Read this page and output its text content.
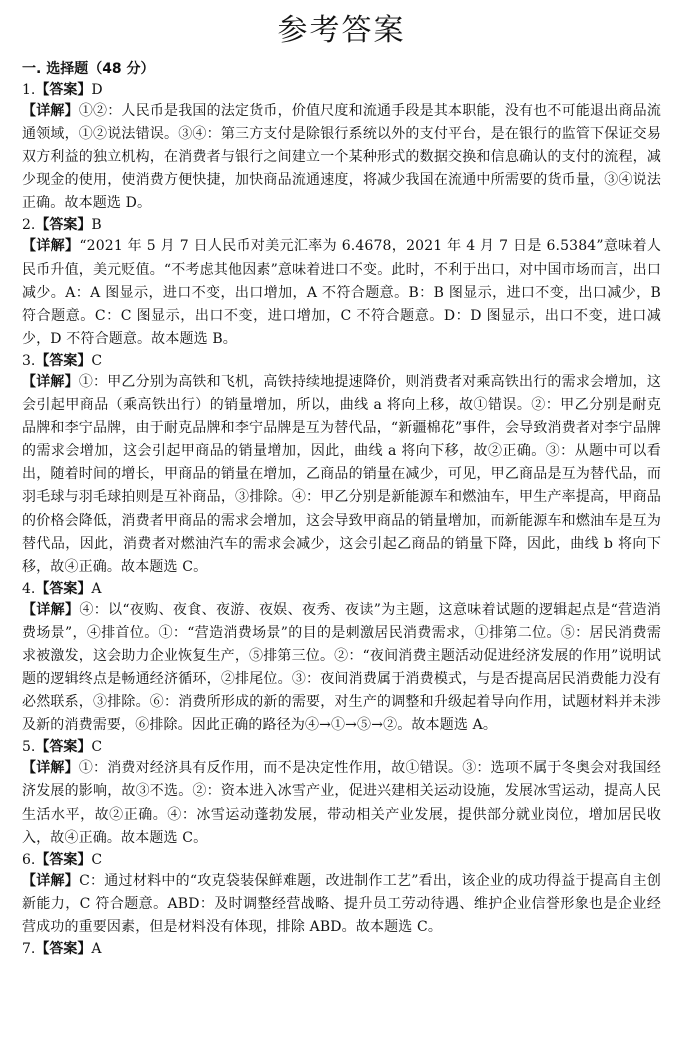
参考答案
一. 选择题（48 分）

1.【答案】D

【详解】①②：人民币是我国的法定货币，价值尺度和流通手段是其本职能，没有也不可能退出商品流通领域，①②说法错误。③④：第三方支付是除银行系统以外的支付平台，是在银行的监管下保证交易双方利益的独立机构，在消费者与银行之间建立一个某种形式的数据交换和信息确认的支付的流程，减少现金的使用，使消费方便快捷，加快商品流通速度，将减少我国在流通中所需要的货币量，③④说法正确。故本题选 D。

2.【答案】B

【详解】“2021 年 5 月 7 日人民币对美元汇率为 6.4678，2021 年 4 月 7 日是 6.5384”意味着人民币升值，美元贬值。“不考虑其他因素”意味着进口不变。此时，不利于出口，对中国市场而言，出口减少。A：A 图显示，进口不变，出口增加，A 不符合题意。B：B 图显示，进口不变，出口减少，B 符合题意。C：C 图显示，出口不变，进口增加，C 不符合题意。D：D 图显示，出口不变，进口减少，D 不符合题意。故本题选 B。

3.【答案】C

【详解】①：甲乙分别为高铁和飞机，高铁持续地提速降价，则消费者对乘高铁出行的需求会增加，这会引起甲商品（乘高铁出行）的销量增加，所以，曲线 a 将向上移，故①错误。②：甲乙分别是耐克品牌和李宁品牌，由于耐克品牌和李宁品牌是互为替代品，“新疆棉花”事件，会导致消费者对李宁品牌的需求会增加，这会引起甲商品的销量增加，因此，曲线 a 将向下移，故②正确。③：从题中可以看出，随着时间的增长，甲商品的销量在增加，乙商品的销量在减少，可见，甲乙商品是互为替代品，而羽毛球与羽毛球拍则是互补商品，③排除。④：甲乙分别是新能源车和燃油车，甲生产率提高，甲商品的价格会降低，消费者甲商品的需求会增加，这会导致甲商品的销量增加，而新能源车和燃油车是互为替代品，因此，消费者对燃油汽车的需求会减少，这会引起乙商品的销量下降，因此，曲线 b 将向下移，故④正确。故本题选 C。

4.【答案】A

【详解】④：以“夜购、夜食、夜游、夜娱、夜秀、夜读”为主题，这意味着试题的逻辑起点是“营造消费场景”，④排首位。①：“营造消费场景”的目的是刺激居民消费需求，①排第二位。⑤：居民消费需求被激发，这会助力企业恢复生产，⑤排第三位。②：“夜间消费主题活动促进经济发展的作用”说明试题的逻辑终点是畅通经济循环，②排尾位。③：夜间消费属于消费模式，与是否提高居民消费能力没有必然联系，③排除。⑥：消费所形成的新的需要，对生产的调整和升级起着导向作用，试题材料并未涉及新的消费需要，⑥排除。因此正确的路径为④→①→⑤→②。故本题选 A。

5.【答案】C

【详解】①：消费对经济具有反作用，而不是决定性作用，故①错误。③：选项不属于冬奥会对我国经济发展的影响，故③不选。②：资本进入冰雪产业，促进兴建相关运动设施，发展冰雪运动，提高人民生活水平，故②正确。④：冰雪运动蓬勃发展，带动相关产业发展，提供部分就业岗位，增加居民收入，故④正确。故本题选 C。

6.【答案】C

【详解】C：通过材料中的“攻克袋装保鲜难题，改进制作工艺”看出，该企业的成功得益于提高自主创新能力，C 符合题意。ABD：及时调整经营战略、提升员工劳动待遇、维护企业信誉形象也是企业经营成功的重要因素，但是材料没有体现，排除 ABD。故本题选 C。

7.【答案】A
